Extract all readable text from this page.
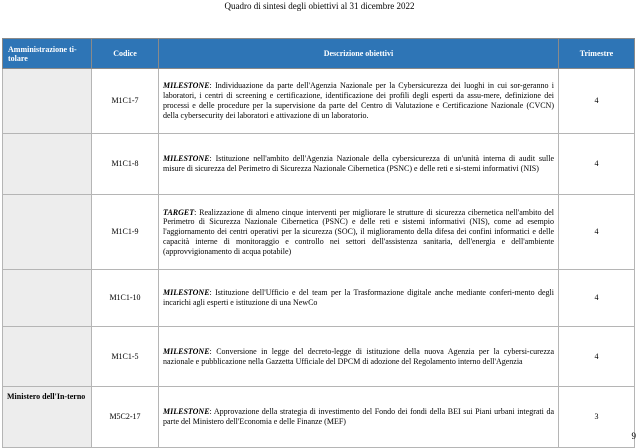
Quadro di sintesi degli obiettivi al 31 dicembre 2022
Amministrazione ti-tolare	Codice	Descrizione obiettivi	Trimestre
	M1C1-7	MILESTONE: Individuazione da parte dell'Agenzia Nazionale per la Cybersicurezza dei luoghi in cui sor-geranno i laboratori, i centri di screening e certificazione, identificazione dei profili degli esperti da assu-mere, definizione dei processi e delle procedure per la supervisione da parte del Centro di Valutazione e Certificazione Nazionale (CVCN) della cybersecurity dei laboratori e attivazione di un laboratorio.	4
	M1C1-8	MILESTONE: Istituzione nell'ambito dell'Agenzia Nazionale della cybersicurezza di un'unità interna di audit sulle misure di sicurezza del Perimetro di Sicurezza Nazionale Cibernetica (PSNC) e delle reti e si-stemi informativi (NIS)	4
	M1C1-9	TARGET: Realizzazione di almeno cinque interventi per migliorare le strutture di sicurezza cibernetica nell'ambito del Perimetro di Sicurezza Nazionale Cibernetica (PSNC) e delle reti e sistemi informativi (NIS), come ad esempio l'aggiornamento dei centri operativi per la sicurezza (SOC), il miglioramento della difesa dei confini informatici e delle capacità interne di monitoraggio e controllo nei settori dell'assistenza sanitaria, dell'energia e dell'ambiente (approvvigionamento di acqua potabile)	4
	M1C1-10	MILESTONE: Istituzione dell'Ufficio e del team per la Trasformazione digitale anche mediante conferi-mento degli incarichi agli esperti e istituzione di una NewCo	4
	M1C1-5	MILESTONE: Conversione in legge del decreto-legge di istituzione della nuova Agenzia per la cybersi-curezza nazionale e pubblicazione nella Gazzetta Ufficiale del DPCM di adozione del Regolamento interno dell'Agenzia	4
Ministero dell'In-terno	M5C2-17	MILESTONE: Approvazione della strategia di investimento del Fondo dei fondi della BEI sui Piani urbani integrati da parte del Ministero dell'Economia e delle Finanze (MEF)	3
9
